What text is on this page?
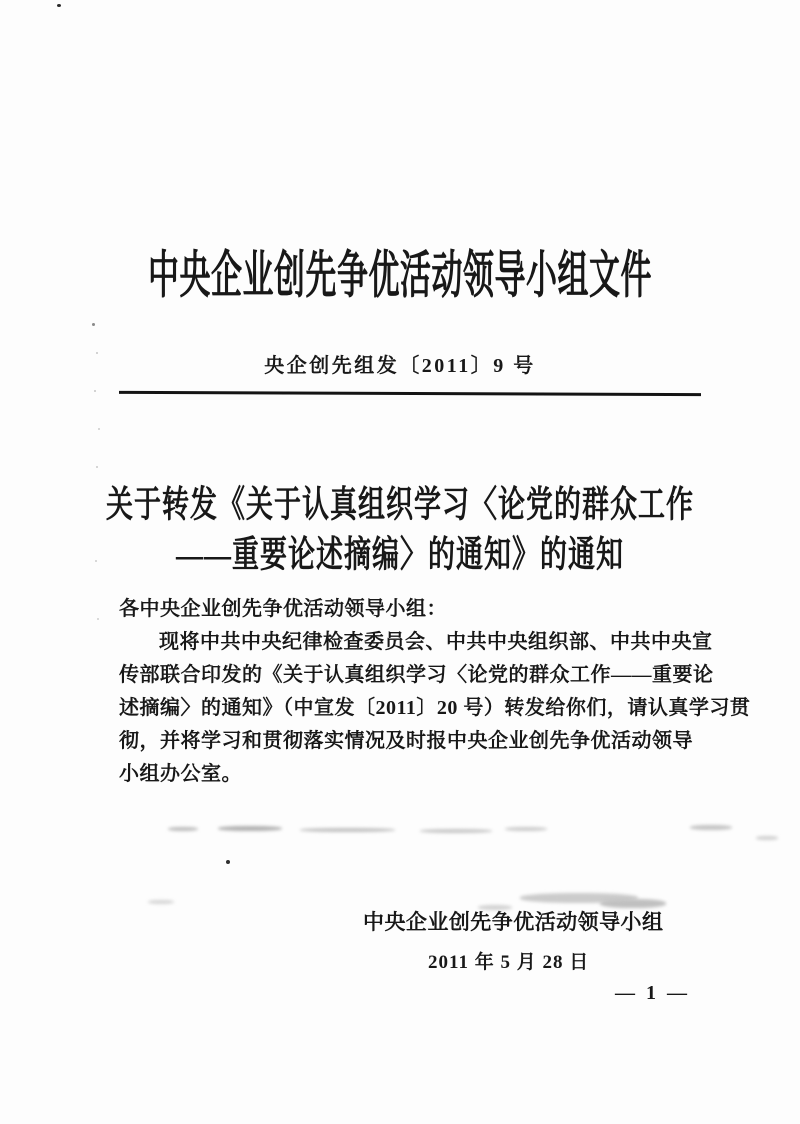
中央企业创先争优活动领导小组文件
央企创先组发〔2011〕9 号
关于转发《关于认真组织学习〈论党的群众工作
——重要论述摘编〉的通知》的通知
各中央企业创先争优活动领导小组：
现将中共中央纪律检查委员会、中共中央组织部、中共中央宣
传部联合印发的《关于认真组织学习〈论党的群众工作——重要论
述摘编〉的通知》（中宣发〔2011〕20 号）转发给你们，请认真学习贯
彻，并将学习和贯彻落实情况及时报中央企业创先争优活动领导
小组办公室。
中央企业创先争优活动领导小组
2011 年 5 月 28 日
— 1 —
